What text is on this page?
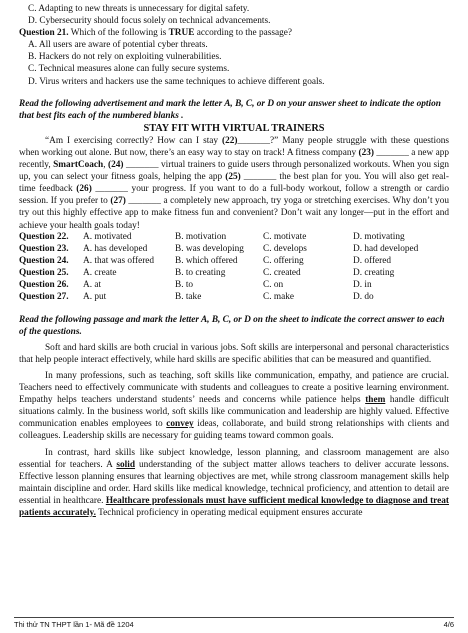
C. Adapting to new threats is unnecessary for digital safety.
D. Cybersecurity should focus solely on technical advancements.
Question 21. Which of the following is TRUE according to the passage?
A. All users are aware of potential cyber threats.
B. Hackers do not rely on exploiting vulnerabilities.
C. Technical measures alone can fully secure systems.
D. Virus writers and hackers use the same techniques to achieve different goals.
Read the following advertisement and mark the letter A, B, C, or D on your answer sheet to indicate the option that best fits each of the numbered blanks .
STAY FIT WITH VIRTUAL TRAINERS
“Am I exercising correctly? How can I stay (22)_______?” Many people struggle with these questions when working out alone. But now, there’s an easy way to stay on track! A fitness company (23) _______ a new app recently, SmartCoach, (24) _______ virtual trainers to guide users through personalized workouts. When you sign up, you can select your fitness goals, helping the app (25) _______ the best plan for you. You will also get real-time feedback (26) _______ your progress. If you want to do a full-body workout, follow a strength or cardio session. If you prefer to (27) _______ a completely new approach, try yoga or stretching exercises. Why don’t you try out this highly effective app to make fitness fun and convenient? Don’t wait any longer—put in the effort and achieve your health goals today!
Question 22.	A. motivated	B. motivation	C. motivate	D. motivating
Question 23.	A. has developed	B. was developing	C. develops	D. had developed
Question 24.	A. that was offered	B. which offered	C. offering	D. offered
Question 25.	A. create	B. to creating	C. created	D. creating
Question 26.	A. at	B. to	C. on	D. in
Question 27.	A. put	B. take	C. make	D. do
Read the following passage and mark the letter A, B, C, or D on the sheet to indicate the correct answer to each of the questions.
Soft and hard skills are both crucial in various jobs. Soft skills are interpersonal and personal characteristics that help people interact effectively, while hard skills are specific abilities that can be measured and quantified.
In many professions, such as teaching, soft skills like communication, empathy, and patience are crucial. Teachers need to effectively communicate with students and colleagues to create a positive learning environment. Empathy helps teachers understand students’ needs and concerns while patience helps them handle difficult situations calmly. In the business world, soft skills like communication and leadership are highly valued. Effective communication enables employees to convey ideas, collaborate, and build strong relationships with clients and colleagues. Leadership skills are necessary for guiding teams toward common goals.
In contrast, hard skills like subject knowledge, lesson planning, and classroom management are also essential for teachers. A solid understanding of the subject matter allows teachers to deliver accurate lessons. Effective lesson planning ensures that learning objectives are met, while strong classroom management skills help maintain discipline and order. Hard skills like medical knowledge, technical proficiency, and attention to detail are essential in healthcare. Healthcare professionals must have sufficient medical knowledge to diagnose and treat patients accurately. Technical proficiency in operating medical equipment ensures accurate
Thi thử TN THPT lần 1- Mã đề 1204	4/6
